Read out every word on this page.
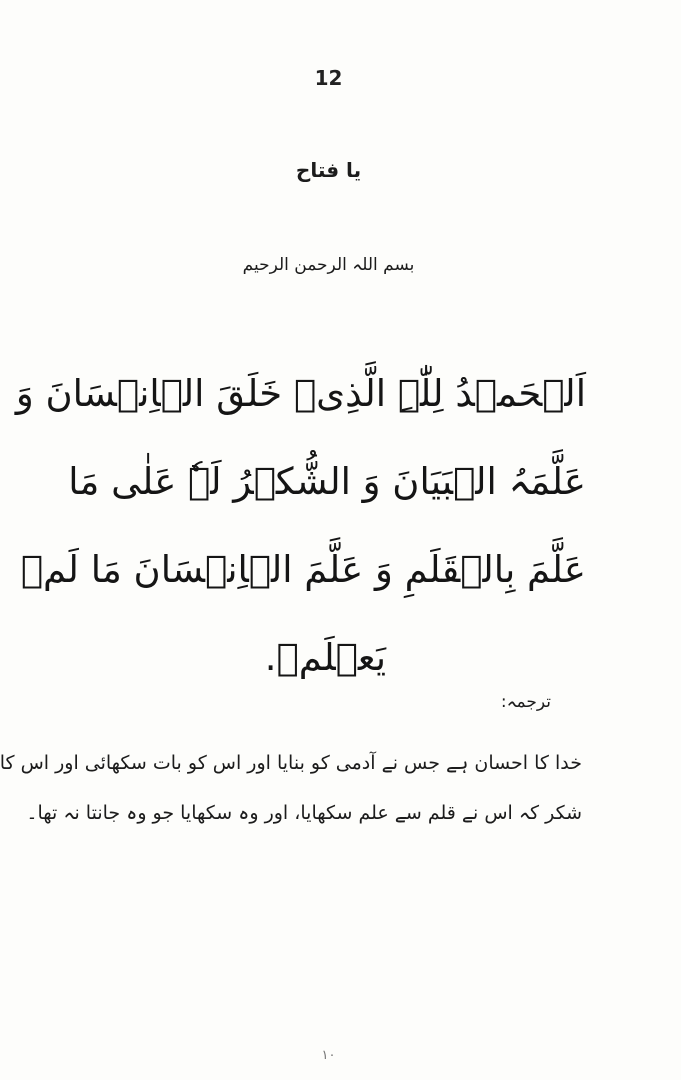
12
یا فتاح
بسم اللہ الرحمن الرحیم
اَلۡحَمۡدُ لِلّٰہِ الَّذِیۡ خَلَقَ الۡاِنۡسَانَ وَ
عَلَّمَہُ الۡبَیَانَ وَ الشُّکۡرُ لَہٗ عَلٰی مَا
عَلَّمَ بِالۡقَلَمِ وَ عَلَّمَ الۡاِنۡسَانَ مَا لَمۡ
یَعۡلَمۡ.
ترجمہ:
خدا کا احسان ہے جس نے آدمی کو بنایا اور اس کو بات سکھائی اور اس کا
شکر کہ اس نے قلم سے علم سکھایا، اور وہ سکھایا جو وہ جانتا نہ تھا۔
۱۰
